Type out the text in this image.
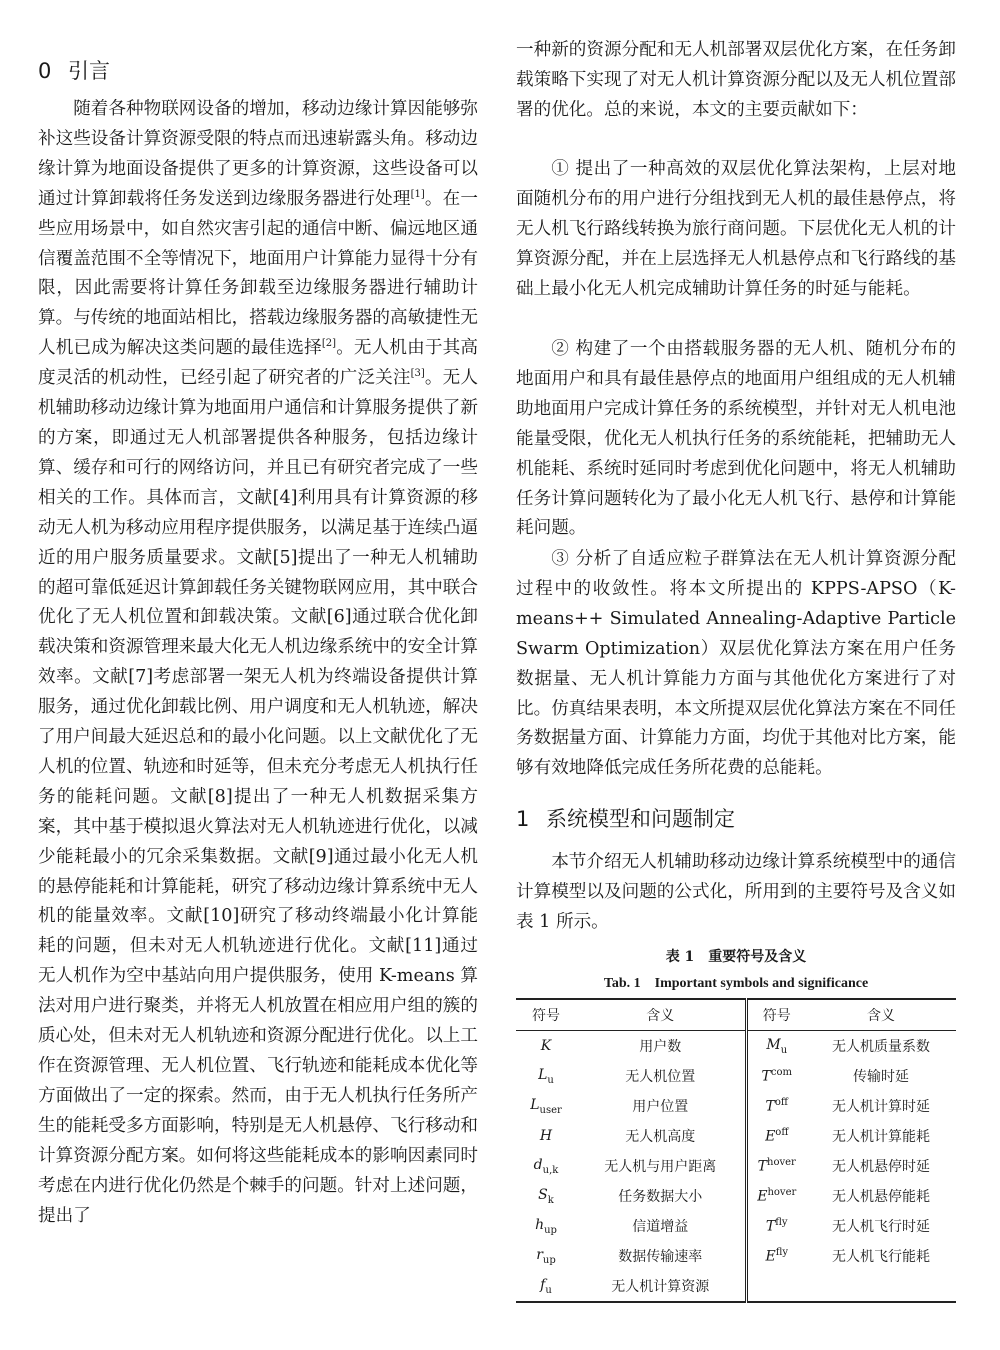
0 引言

随着各种物联网设备的增加，移动边缘计算因能够弥补这些设备计算资源受限的特点而迅速崭露头角。移动边缘计算为地面设备提供了更多的计算资源，这些设备可以通过计算卸载将任务发送到边缘服务器进行处理[1]。在一些应用场景中，如自然灾害引起的通信中断、偏远地区通信覆盖范围不全等情况下，地面用户计算能力显得十分有限，因此需要将计算任务卸载至边缘服务器进行辅助计算。与传统的地面站相比，搭载边缘服务器的高敏捷性无人机已成为解决这类问题的最佳选择[2]。无人机由于其高度灵活的机动性，已经引起了研究者的广泛关注[3]。无人机辅助移动边缘计算为地面用户通信和计算服务提供了新的方案，即通过无人机部署提供各种服务，包括边缘计算、缓存和可行的网络访问，并且已有研究者完成了一些相关的工作。具体而言，文献[4]利用具有计算资源的移动无人机为移动应用程序提供服务，以满足基于连续凸逼近的用户服务质量要求。文献[5]提出了一种无人机辅助的超可靠低延迟计算卸载任务关键物联网应用，其中联合优化了无人机位置和卸载决策。文献[6]通过联合优化卸载决策和资源管理来最大化无人机边缘系统中的安全计算效率。文献[7]考虑部署一架无人机为终端设备提供计算服务，通过优化卸载比例、用户调度和无人机轨迹，解决了用户间最大延迟总和的最小化问题。以上文献优化了无人机的位置、轨迹和时延等，但未充分考虑无人机执行任务的能耗问题。文献[8]提出了一种无人机数据采集方案，其中基于模拟退火算法对无人机轨迹进行优化，以减少能耗最小的冗余采集数据。文献[9]通过最小化无人机的悬停能耗和计算能耗，研究了移动边缘计算系统中无人机的能量效率。文献[10]研究了移动终端最小化计算能耗的问题，但未对无人机轨迹进行优化。文献[11]通过无人机作为空中基站向用户提供服务，使用 K-means 算法对用户进行聚类，并将无人机放置在相应用户组的簇的质心处，但未对无人机轨迹和资源分配进行优化。以上工作在资源管理、无人机位置、飞行轨迹和能耗成本优化等方面做出了一定的探索。然而，由于无人机执行任务所产生的能耗受多方面影响，特别是无人机悬停、飞行移动和计算资源分配方案。如何将这些能耗成本的影响因素同时考虑在内进行优化仍然是个棘手的问题。针对上述问题，提出了

一种新的资源分配和无人机部署双层优化方案，在任务卸载策略下实现了对无人机计算资源分配以及无人机位置部署的优化。总的来说，本文的主要贡献如下：

① 提出了一种高效的双层优化算法架构，上层对地面随机分布的用户进行分组找到无人机的最佳悬停点，将无人机飞行路线转换为旅行商问题。下层优化无人机的计算资源分配，并在上层选择无人机悬停点和飞行路线的基础上最小化无人机完成辅助计算任务的时延与能耗。

② 构建了一个由搭载服务器的无人机、随机分布的地面用户和具有最佳悬停点的地面用户组组成的无人机辅助地面用户完成计算任务的系统模型，并针对无人机电池能量受限，优化无人机执行任务的系统能耗，把辅助无人机能耗、系统时延同时考虑到优化问题中，将无人机辅助任务计算问题转化为了最小化无人机飞行、悬停和计算能耗问题。

③ 分析了自适应粒子群算法在无人机计算资源分配过程中的收敛性。将本文所提出的 KPPS-APSO（K-means++ Simulated Annealing-Adaptive Particle Swarm Optimization）双层优化算法方案在用户任务数据量、无人机计算能力方面与其他优化方案进行了对比。仿真结果表明，本文所提双层优化算法方案在不同任务数据量方面、计算能力方面，均优于其他对比方案，能够有效地降低完成任务所花费的总能耗。

1 系统模型和问题制定

本节介绍无人机辅助移动边缘计算系统模型中的通信计算模型以及问题的公式化，所用到的主要符号及含义如表 1 所示。

表 1　重要符号及含义

Tab. 1　Important symbols and significance

符号	含义	符号	含义
K	用户数	$M_u$	无人机质量系数
$L_u$	无人机位置	$T^{com}$	传输时延
$L_{user}$	用户位置	$T^{off}$	无人机计算时延
H	无人机高度	$E^{off}$	无人机计算能耗
$d_{u,k}$	无人机与用户距离	$T^{hover}$	无人机悬停时延
$S_k$	任务数据大小	$E^{hover}$	无人机悬停能耗
$h_{up}$	信道增益	$T^{fly}$	无人机飞行时延
$r_{up}$	数据传输速率	$E^{fly}$	无人机飞行能耗
$f_u$	无人机计算资源		
